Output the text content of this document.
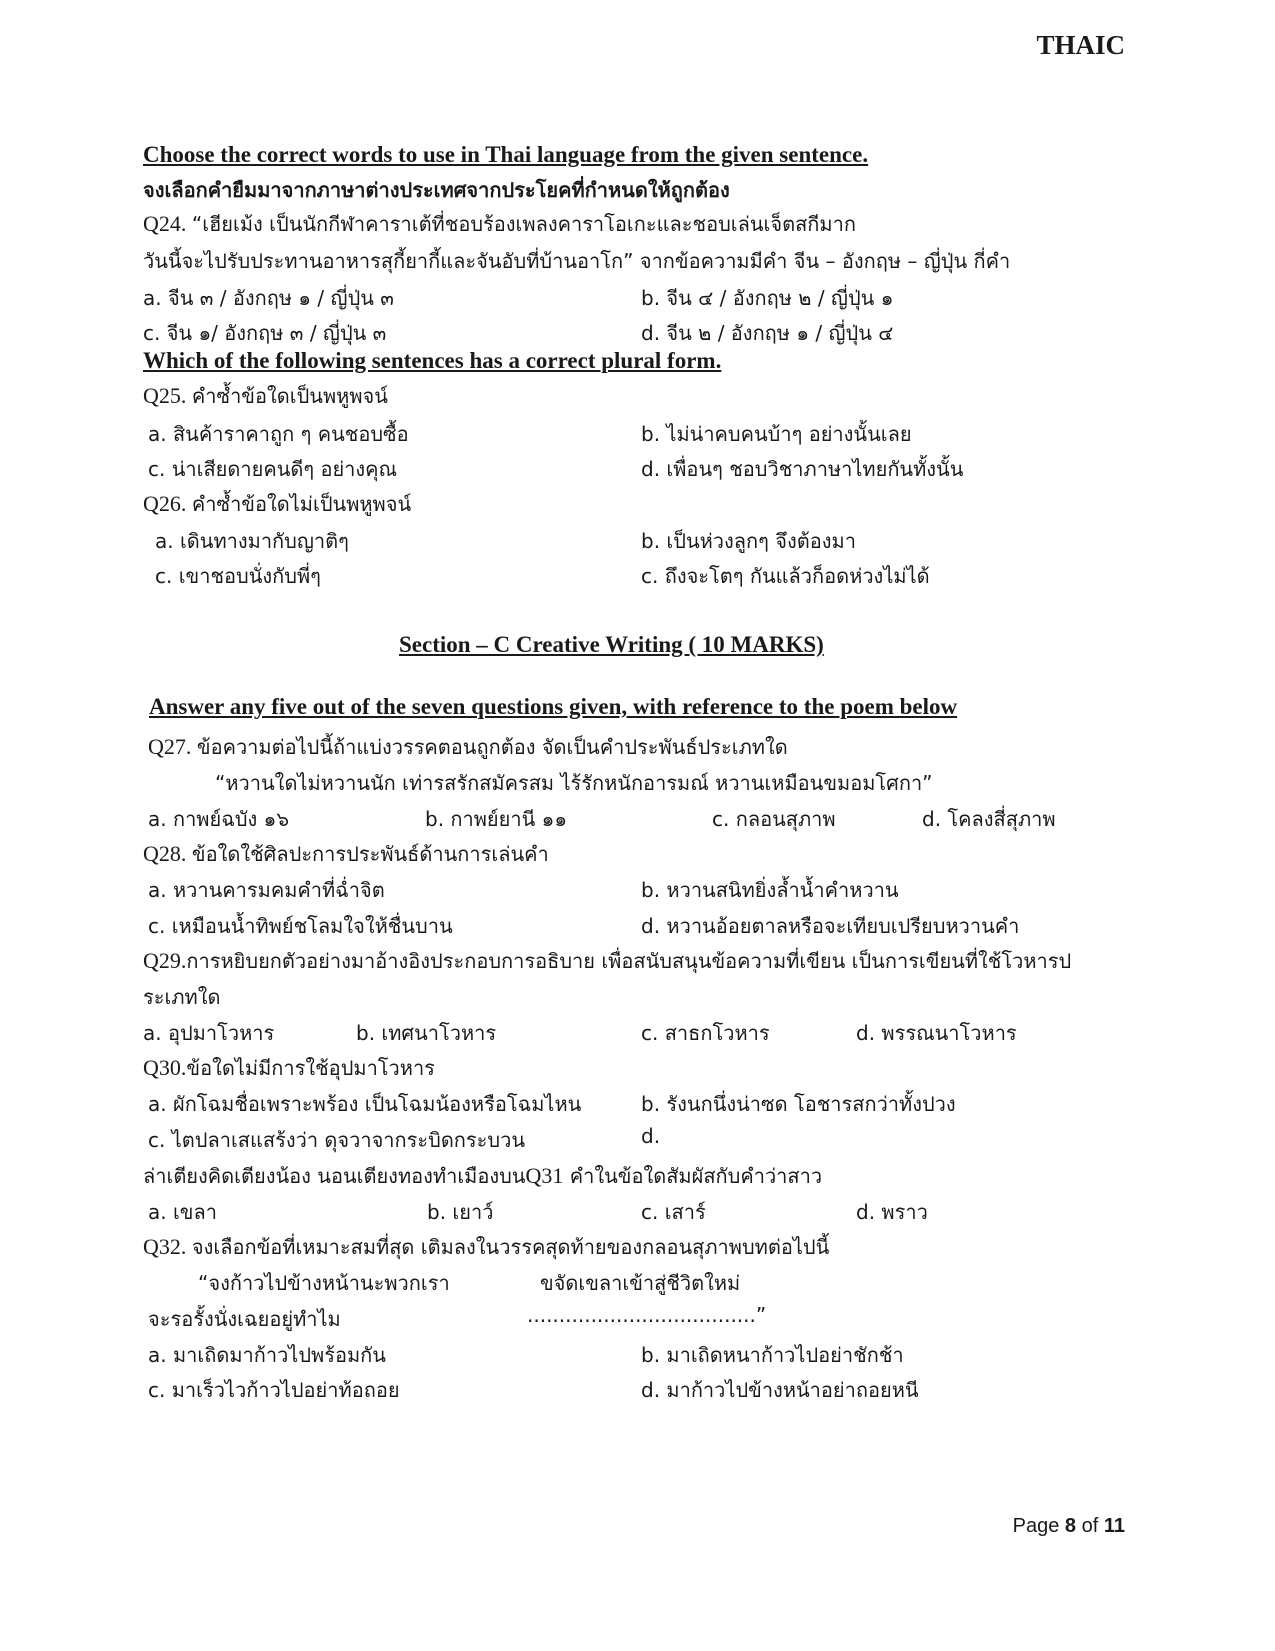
THAIC
Choose the correct words to use in Thai language from the given sentence.
จงเลือกคำยืมมาจากภาษาต่างประเทศจากประโยคที่กำหนดให้ถูกต้อง
Q24. “เฮียเม้ง เป็นนักกีฬาคาราเต้ที่ชอบร้องเพลงคาราโอเกะและชอบเล่นเจ็ตสกีมาก
วันนี้จะไปรับประทานอาหารสุกี้ยากี้และจันอับที่บ้านอาโก” จากข้อความมีคำ จีน – อังกฤษ – ญี่ปุ่น กี่คำ
a. จีน ๓ / อังกฤษ ๑ / ญี่ปุ่น ๓	b. จีน ๔ / อังกฤษ ๒ / ญี่ปุ่น ๑
c. จีน ๑/ อังกฤษ ๓ / ญี่ปุ่น ๓	d. จีน ๒ / อังกฤษ ๑ / ญี่ปุ่น ๔
Which of the following sentences has a correct plural form.
Q25. คำซ้ำข้อใดเป็นพหูพจน์
a. สินค้าราคาถูก ๆ คนชอบซื้อ	b. ไม่น่าคบคนบ้าๆ อย่างนั้นเลย
c. น่าเสียดายคนดีๆ อย่างคุณ	d. เพื่อนๆ ชอบวิชาภาษาไทยกันทั้งนั้น
Q26. คำซ้ำข้อใดไม่เป็นพหูพจน์
a. เดินทางมากับญาติๆ	b. เป็นห่วงลูกๆ จึงต้องมา
c. เขาชอบนั่งกับพี่ๆ	c. ถึงจะโตๆ กันแล้วก็อดห่วงไม่ได้
Section – C Creative Writing ( 10 MARKS)
Answer any five out of the seven questions given, with reference to the poem below
Q27. ข้อความต่อไปนี้ถ้าแบ่งวรรคตอนถูกต้อง จัดเป็นคำประพันธ์ประเภทใด
“หวานใดไม่หวานนัก เท่ารสรักสมัครสม ไร้รักหนักอารมณ์ หวานเหมือนขมอมโศกา”
a. กาพย์ฉบัง ๑๖	b. กาพย์ยานี ๑๑	c. กลอนสุภาพ	d. โคลงสี่สุภาพ
Q28. ข้อใดใช้ศิลปะการประพันธ์ด้านการเล่นคำ
a. หวานคารมคมคำที่ฉ่ำจิต	b. หวานสนิทยิ่งล้ำน้ำคำหวาน
c. เหมือนน้ำทิพย์ชโลมใจให้ชื่นบาน	d. หวานอ้อยตาลหรือจะเทียบเปรียบหวานคำ
Q29.การหยิบยกตัวอย่างมาอ้างอิงประกอบการอธิบาย เพื่อสนับสนุนข้อความที่เขียน เป็นการเขียนที่ใช้โวหารป
ระเภทใด
a. อุปมาโวหาร	b. เทศนาโวหาร	c. สาธกโวหาร	d. พรรณนาโวหาร
Q30.ข้อใดไม่มีการใช้อุปมาโวหาร
a. ผักโฉมชื่อเพราะพร้อง เป็นโฉมน้องหรือโฉมไหน	b. รังนกนึ่งน่าซด โอชารสกว่าทั้งปวง
c. ไตปลาเสแสร้งว่า ดุจวาจากระบิดกระบวน	d.
ล่าเตียงคิดเตียงน้อง นอนเตียงทองทำเมืองบนQ31 คำในข้อใดสัมผัสกับคำว่าสาว
a. เขลา	b. เยาว์	c. เสาร์	d. พราว
Q32. จงเลือกข้อที่เหมาะสมที่สุด เติมลงในวรรคสุดท้ายของกลอนสุภาพบทต่อไปนี้
“จงก้าวไปข้างหน้านะพวกเรา	ขจัดเขลาเข้าสู่ชีวิตใหม่
จะรอรั้งนั่งเฉยอยู่ทำไม	....................................”
a. มาเถิดมาก้าวไปพร้อมกัน	b. มาเถิดหนาก้าวไปอย่าชักช้า
c. มาเร็วไวก้าวไปอย่าท้อถอย	d. มาก้าวไปข้างหน้าอย่าถอยหนี
Page 8 of 11
